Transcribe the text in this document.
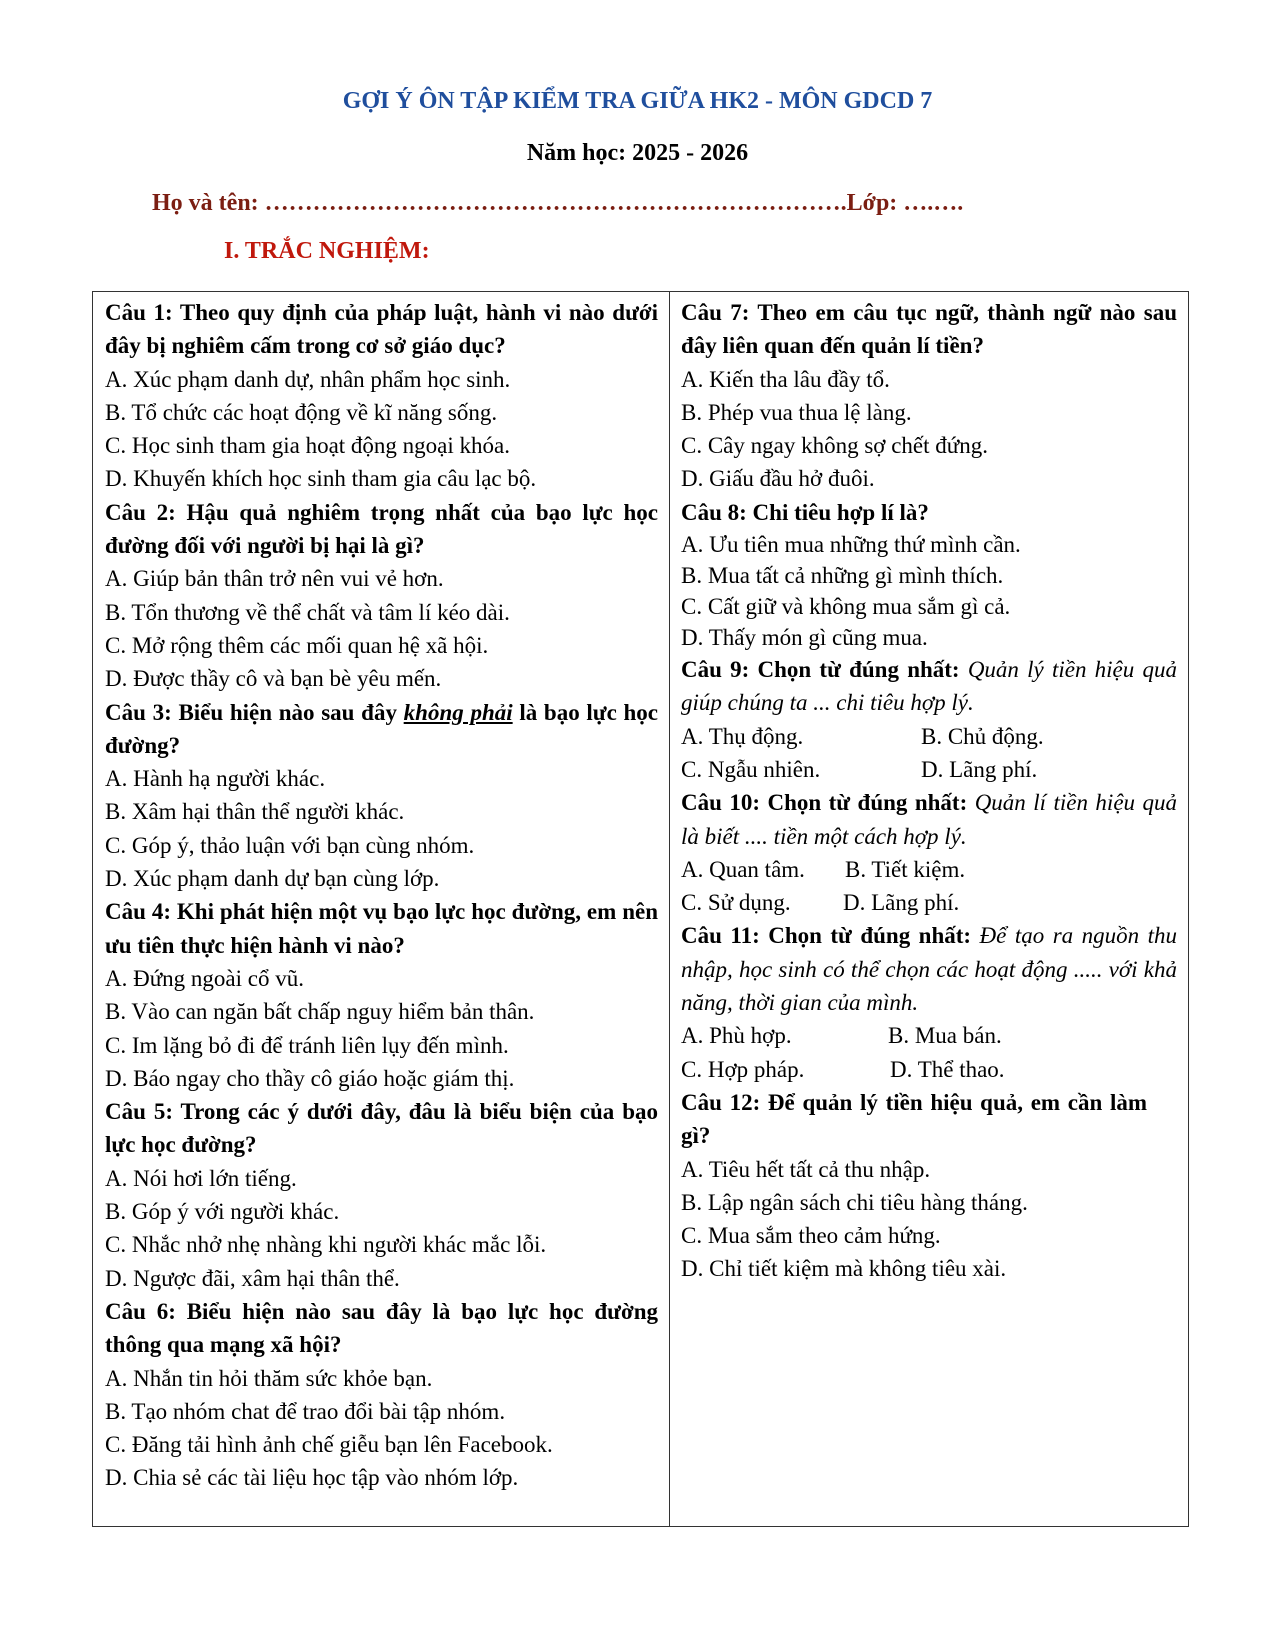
GỢI Ý ÔN TẬP KIỂM TRA GIỮA HK2 - MÔN GDCD 7
Năm học: 2025 - 2026
Họ và tên: ……………………………………………………………….Lớp: ….….
I. TRẮC NGHIỆM:
Câu 1: Theo quy định của pháp luật, hành vi nào dưới đây bị nghiêm cấm trong cơ sở giáo dục?
A. Xúc phạm danh dự, nhân phẩm học sinh.
B. Tổ chức các hoạt động về kĩ năng sống.
C. Học sinh tham gia hoạt động ngoại khóa.
D. Khuyến khích học sinh tham gia câu lạc bộ.
Câu 2: Hậu quả nghiêm trọng nhất của bạo lực học đường đối với người bị hại là gì?
A. Giúp bản thân trở nên vui vẻ hơn.
B. Tổn thương về thể chất và tâm lí kéo dài.
C. Mở rộng thêm các mối quan hệ xã hội.
D. Được thầy cô và bạn bè yêu mến.
Câu 3: Biểu hiện nào sau đây không phải là bạo lực học đường?
A. Hành hạ người khác.
B. Xâm hại thân thể người khác.
C. Góp ý, thảo luận với bạn cùng nhóm.
D. Xúc phạm danh dự bạn cùng lớp.
Câu 4: Khi phát hiện một vụ bạo lực học đường, em nên ưu tiên thực hiện hành vi nào?
A. Đứng ngoài cổ vũ.
B. Vào can ngăn bất chấp nguy hiểm bản thân.
C. Im lặng bỏ đi để tránh liên lụy đến mình.
D. Báo ngay cho thầy cô giáo hoặc giám thị.
Câu 5: Trong các ý dưới đây, đâu là biểu biện của bạo lực học đường?
A. Nói hơi lớn tiếng.
B. Góp ý với người khác.
C. Nhắc nhở nhẹ nhàng khi người khác mắc lỗi.
D. Ngược đãi, xâm hại thân thể.
Câu 6: Biểu hiện nào sau đây là bạo lực học đường thông qua mạng xã hội?
A. Nhắn tin hỏi thăm sức khỏe bạn.
B. Tạo nhóm chat để trao đổi bài tập nhóm.
C. Đăng tải hình ảnh chế giễu bạn lên Facebook.
D. Chia sẻ các tài liệu học tập vào nhóm lớp.
Câu 7: Theo em câu tục ngữ, thành ngữ nào sau đây liên quan đến quản lí tiền?
A. Kiến tha lâu đầy tổ.
B. Phép vua thua lệ làng.
C. Cây ngay không sợ chết đứng.
D. Giấu đầu hở đuôi.
Câu 8: Chi tiêu hợp lí là?
A. Ưu tiên mua những thứ mình cần.
B. Mua tất cả những gì mình thích.
C. Cất giữ và không mua sắm gì cả.
D. Thấy món gì cũng mua.
Câu 9: Chọn từ đúng nhất: Quản lý tiền hiệu quả giúp chúng ta ... chi tiêu hợp lý.
A. Thụ động.	B. Chủ động.
C. Ngẫu nhiên.	D. Lãng phí.
Câu 10: Chọn từ đúng nhất: Quản lí tiền hiệu quả là biết .... tiền một cách hợp lý.
A. Quan tâm.	B. Tiết kiệm.
C. Sử dụng.	D. Lãng phí.
Câu 11: Chọn từ đúng nhất: Để tạo ra nguồn thu nhập, học sinh có thể chọn các hoạt động ..... với khả năng, thời gian của mình.
A. Phù hợp.	B. Mua bán.
C. Hợp pháp.	D. Thể thao.
Câu 12: Để quản lý tiền hiệu quả, em cần làm gì?
A. Tiêu hết tất cả thu nhập.
B. Lập ngân sách chi tiêu hàng tháng.
C. Mua sắm theo cảm hứng.
D. Chỉ tiết kiệm mà không tiêu xài.
